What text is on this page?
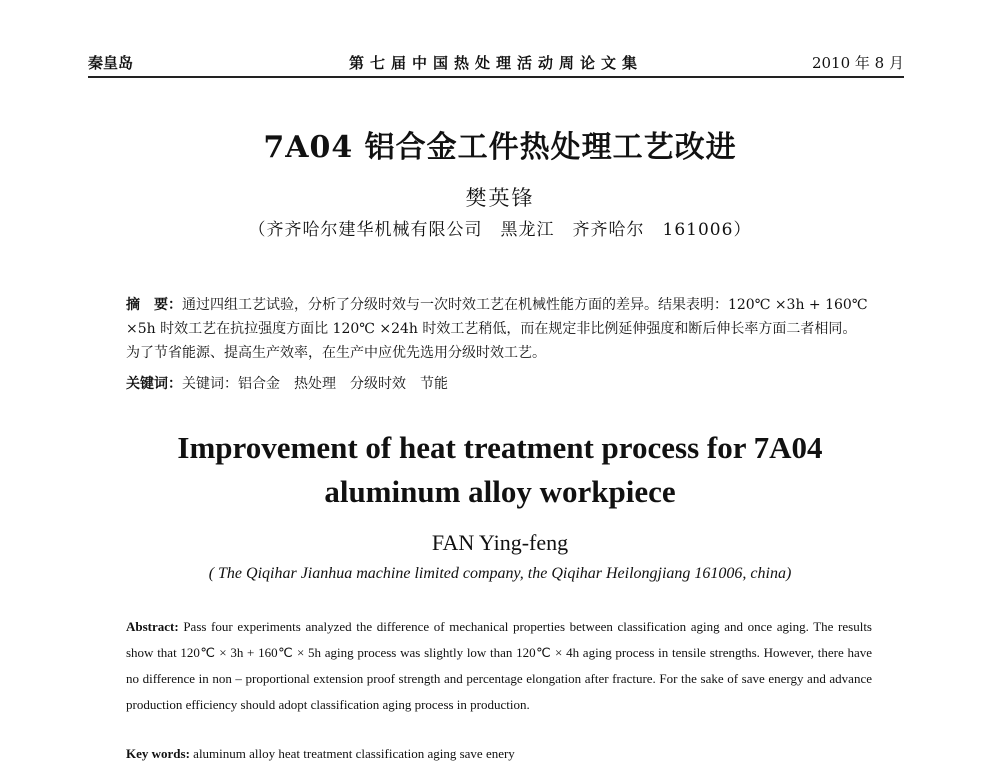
秦皇岛	第七届中国热处理活动周论文集	2010 年 8 月
7A04 铝合金工件热处理工艺改进
樊英锋
（齐齐哈尔建华机械有限公司　黑龙江　齐齐哈尔　161006）
摘　要：通过四组工艺试验，分析了分级时效与一次时效工艺在机械性能方面的差异。结果表明：120℃ ×3h + 160℃ ×5h 时效工艺在抗拉强度方面比 120℃ ×24h 时效工艺稍低，而在规定非比例延伸强度和断后伸长率方面二者相同。为了节省能源、提高生产效率，在生产中应优先选用分级时效工艺。
关键词：关键词：铝合金　热处理　分级时效　节能
Improvement of heat treatment process for 7A04
aluminum alloy workpiece
FAN Ying-feng
( The Qiqihar Jianhua machine limited company, the Qiqihar Heilongjiang 161006, china)
Abstract: Pass four experiments analyzed the difference of mechanical properties between classification aging and once aging. The results show that 120℃ × 3h + 160℃ × 5h aging process was slightly low than 120℃ × 4h aging process in tensile strengths. However, there have no difference in non – proportional extension proof strength and percentage elongation after fracture. For the sake of save energy and advance production efficiency should adopt classification aging process in production.
Key words: aluminum alloy heat treatment classification aging save enery
